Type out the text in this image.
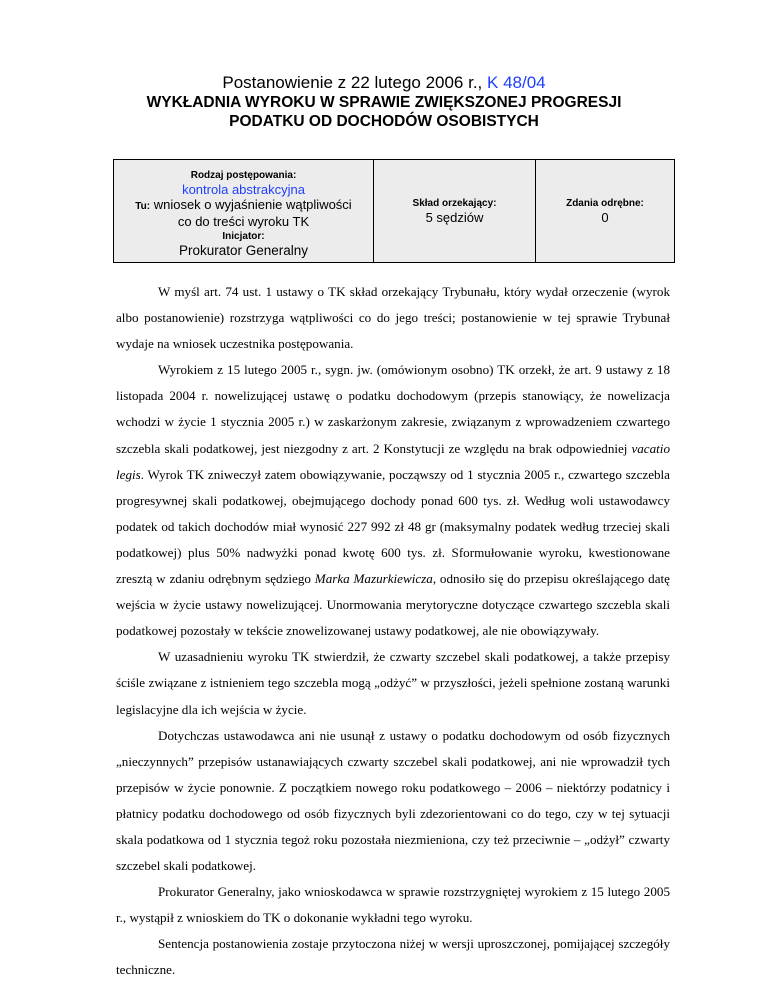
Postanowienie z 22 lutego 2006 r., K 48/04
WYKŁADNIA WYROKU W SPRAWIE ZWIĘKSZONEJ PROGRESJI
PODATKU OD DOCHODÓW OSOBISTYCH
Rodzaj postępowania:
kontrola abstrakcyjna
Tu: wniosek o wyjaśnienie wątpliwości
co do treści wyroku TK
Inicjator:
Prokurator Generalny
Skład orzekający:
5 sędziów
Zdania odrębne:
0

W myśl art. 74 ust. 1 ustawy o TK skład orzekający Trybunału, który wydał orzeczenie (wyrok albo postanowienie) rozstrzyga wątpliwości co do jego treści; postanowienie w tej sprawie Trybunał wydaje na wniosek uczestnika postępowania.

Wyrokiem z 15 lutego 2005 r., sygn. jw. (omówionym osobno) TK orzekł, że art. 9 ustawy z 18 listopada 2004 r. nowelizującej ustawę o podatku dochodowym (przepis stanowiący, że nowelizacja wchodzi w życie 1 stycznia 2005 r.) w zaskarżonym zakresie, związanym z wprowadzeniem czwartego szczebla skali podatkowej, jest niezgodny z art. 2 Konstytucji ze względu na brak odpowiedniej vacatio legis. Wyrok TK zniweczył zatem obowiązywanie, począwszy od 1 stycznia 2005 r., czwartego szczebla progresywnej skali podatkowej, obejmującego dochody ponad 600 tys. zł. Według woli ustawodawcy podatek od takich dochodów miał wynosić 227 992 zł 48 gr (maksymalny podatek według trzeciej skali podatkowej) plus 50% nadwyżki ponad kwotę 600 tys. zł. Sformułowanie wyroku, kwestionowane zresztą w zdaniu odrębnym sędziego Marka Mazurkiewicza, odnosiło się do przepisu określającego datę wejścia w życie ustawy nowelizującej. Unormowania merytoryczne dotyczące czwartego szczebla skali podatkowej pozostały w tekście znowelizowanej ustawy podatkowej, ale nie obowiązywały.

W uzasadnieniu wyroku TK stwierdził, że czwarty szczebel skali podatkowej, a także przepisy ściśle związane z istnieniem tego szczebla mogą „odżyć” w przyszłości, jeżeli spełnione zostaną warunki legislacyjne dla ich wejścia w życie.

Dotychczas ustawodawca ani nie usunął z ustawy o podatku dochodowym od osób fizycznych „nieczynnych” przepisów ustanawiających czwarty szczebel skali podatkowej, ani nie wprowadził tych przepisów w życie ponownie. Z początkiem nowego roku podatkowego – 2006 – niektórzy podatnicy i płatnicy podatku dochodowego od osób fizycznych byli zdezorientowani co do tego, czy w tej sytuacji skala podatkowa od 1 stycznia tegoż roku pozostała niezmieniona, czy też przeciwnie – „odżył” czwarty szczebel skali podatkowej.

Prokurator Generalny, jako wnioskodawca w sprawie rozstrzygniętej wyrokiem z 15 lutego 2005 r., wystąpił z wnioskiem do TK o dokonanie wykładni tego wyroku.

Sentencja postanowienia zostaje przytoczona niżej w wersji uproszczonej, pomijającej szczegóły techniczne.
